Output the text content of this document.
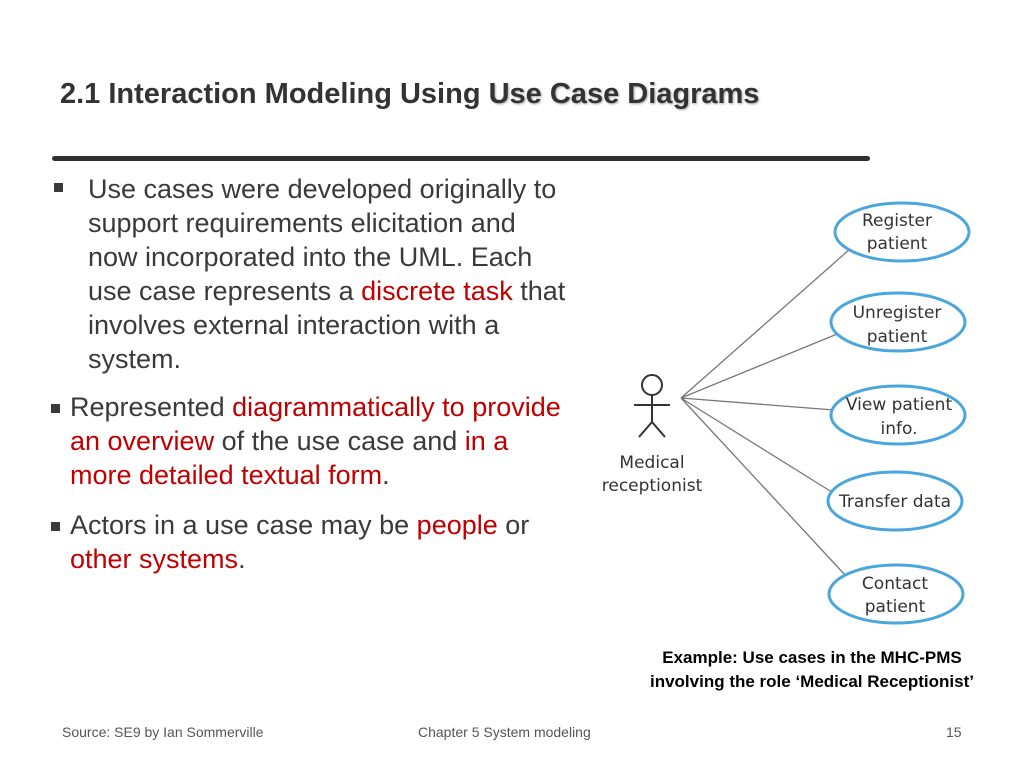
2.1 Interaction Modeling Using Use Case Diagrams
Use cases were developed originally to support requirements elicitation and now incorporated into the UML. Each use case represents a discrete task that involves external interaction with a system.
Represented diagrammatically to provide an overview of the use case and in a more detailed textual form.
Actors in a use case may be people or other systems.
Medical
receptionist
Register
patient
Unregister
patient
View patient
info.
Transfer data
Contact
patient
Example: Use cases in the MHC-PMS
involving the role ‘Medical Receptionist’
Source: SE9 by Ian Sommerville	Chapter 5 System modeling	15
